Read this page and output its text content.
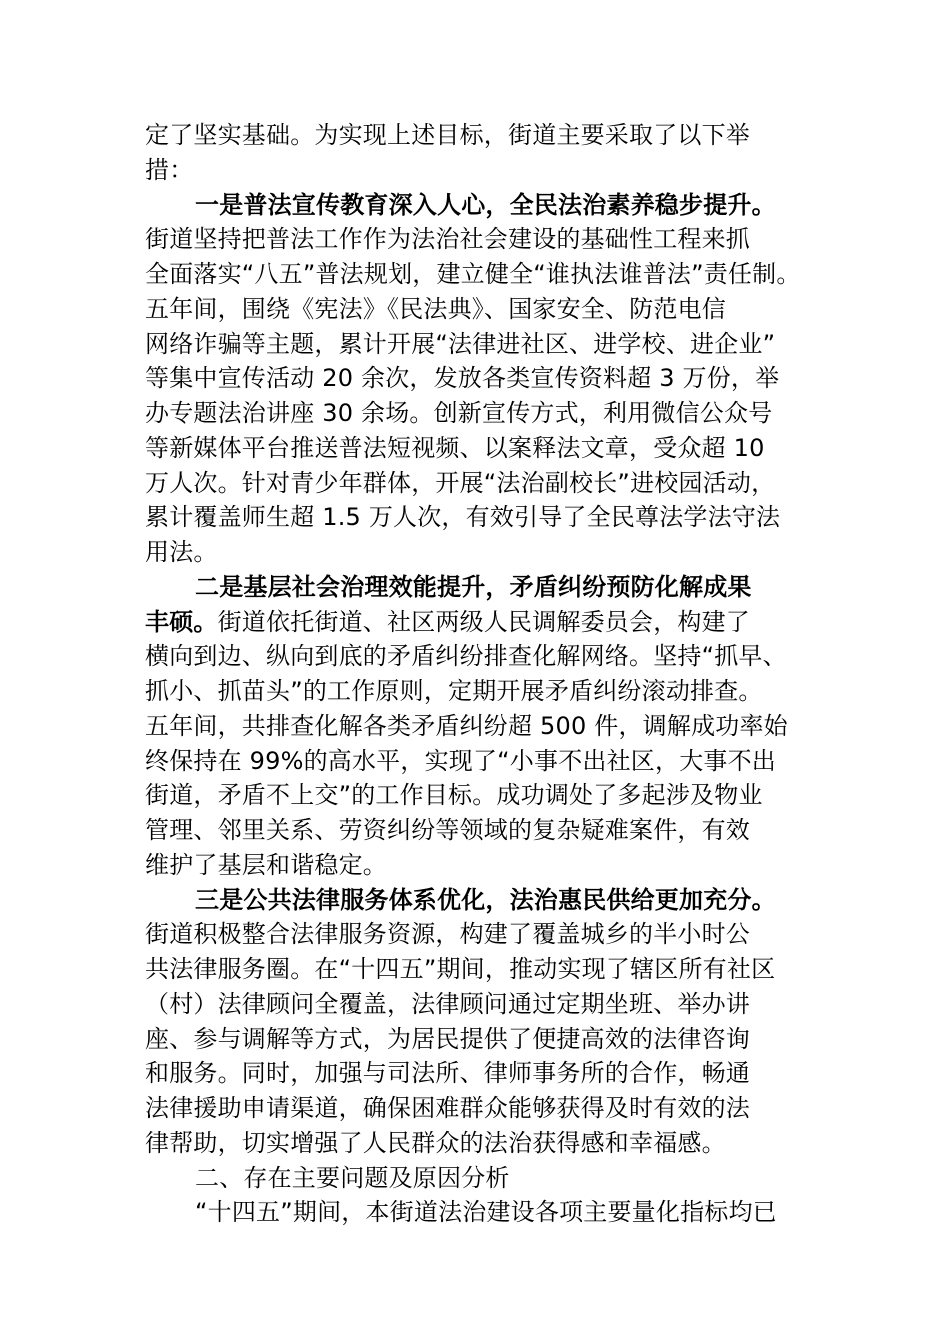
定了坚实基础。为实现上述目标，街道主要采取了以下举
措：
一是普法宣传教育深入人心，全民法治素养稳步提升。
街道坚持把普法工作作为法治社会建设的基础性工程来抓
全面落实“八五”普法规划，建立健全“谁执法谁普法”责任制。
五年间，围绕《宪法》《民法典》、国家安全、防范电信
网络诈骗等主题，累计开展“法律进社区、进学校、进企业”
等集中宣传活动 20 余次，发放各类宣传资料超 3 万份，举
办专题法治讲座 30 余场。创新宣传方式，利用微信公众号
等新媒体平台推送普法短视频、以案释法文章，受众超 10
万人次。针对青少年群体，开展“法治副校长”进校园活动，
累计覆盖师生超 1.5 万人次，有效引导了全民尊法学法守法
用法。
二是基层社会治理效能提升，矛盾纠纷预防化解成果
丰硕。街道依托街道、社区两级人民调解委员会，构建了
横向到边、纵向到底的矛盾纠纷排查化解网络。坚持“抓早、
抓小、抓苗头”的工作原则，定期开展矛盾纠纷滚动排查。
五年间，共排查化解各类矛盾纠纷超 500 件，调解成功率始
终保持在 99%的高水平，实现了“小事不出社区，大事不出
街道，矛盾不上交”的工作目标。成功调处了多起涉及物业
管理、邻里关系、劳资纠纷等领域的复杂疑难案件，有效
维护了基层和谐稳定。
三是公共法律服务体系优化，法治惠民供给更加充分。
街道积极整合法律服务资源，构建了覆盖城乡的半小时公
共法律服务圈。在“十四五”期间，推动实现了辖区所有社区
（村）法律顾问全覆盖，法律顾问通过定期坐班、举办讲
座、参与调解等方式，为居民提供了便捷高效的法律咨询
和服务。同时，加强与司法所、律师事务所的合作，畅通
法律援助申请渠道，确保困难群众能够获得及时有效的法
律帮助，切实增强了人民群众的法治获得感和幸福感。
二、存在主要问题及原因分析
“十四五”期间，本街道法治建设各项主要量化指标均已
